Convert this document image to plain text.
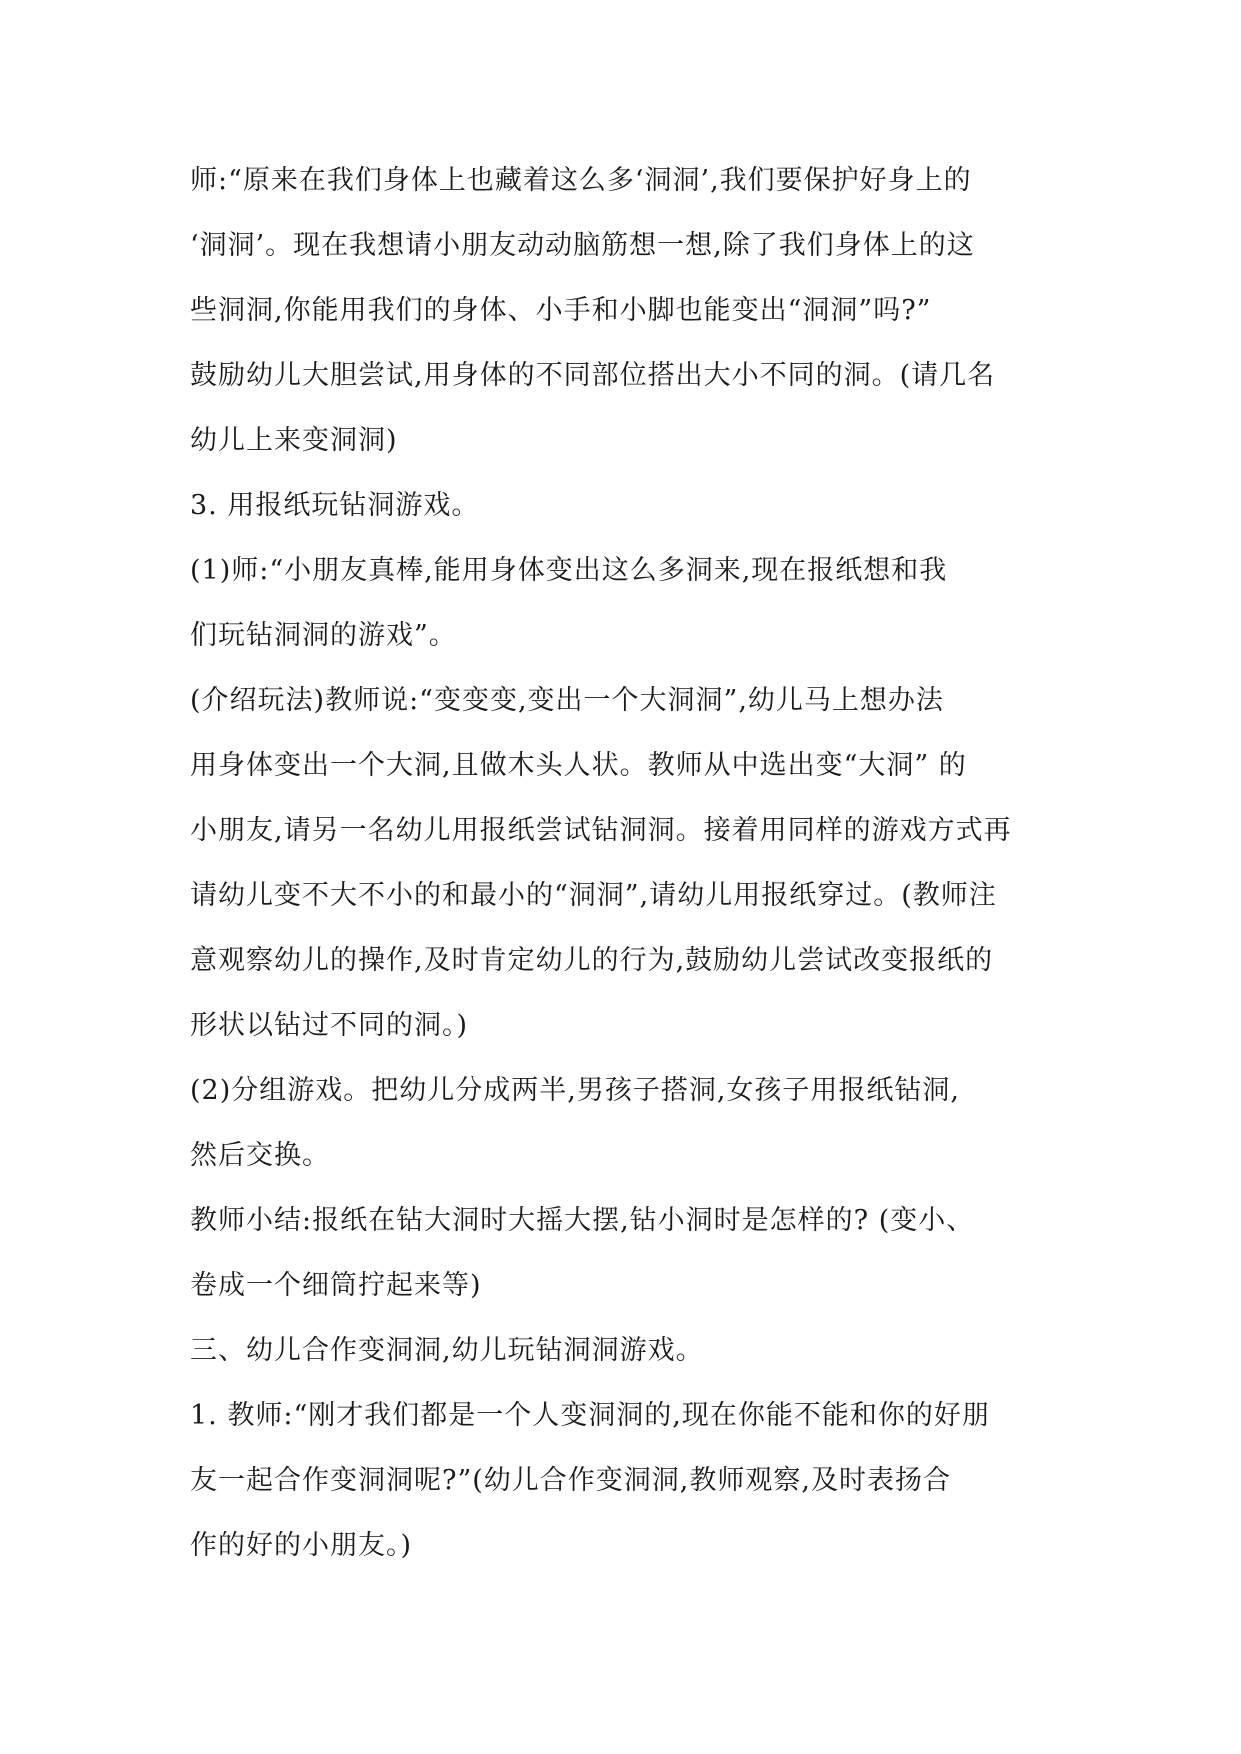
师:“原来在我们身体上也藏着这么多‘洞洞’,我们要保护好身上的
‘洞洞’。现在我想请小朋友动动脑筋想一想,除了我们身体上的这
些洞洞,你能用我们的身体、小手和小脚也能变出“洞洞”吗?”
鼓励幼儿大胆尝试,用身体的不同部位搭出大小不同的洞。(请几名
幼儿上来变洞洞)
3. 用报纸玩钻洞游戏。
(1)师:“小朋友真棒,能用身体变出这么多洞来,现在报纸想和我
们玩钻洞洞的游戏”。
(介绍玩法)教师说:“变变变,变出一个大洞洞”,幼儿马上想办法
用身体变出一个大洞,且做木头人状。教师从中选出变“大洞” 的
小朋友,请另一名幼儿用报纸尝试钻洞洞。接着用同样的游戏方式再
请幼儿变不大不小的和最小的“洞洞”,请幼儿用报纸穿过。(教师注
意观察幼儿的操作,及时肯定幼儿的行为,鼓励幼儿尝试改变报纸的
形状以钻过不同的洞。)
(2)分组游戏。把幼儿分成两半,男孩子搭洞,女孩子用报纸钻洞,
然后交换。
教师小结:报纸在钻大洞时大摇大摆,钻小洞时是怎样的? (变小、
卷成一个细筒拧起来等)
三、幼儿合作变洞洞,幼儿玩钻洞洞游戏。
1. 教师:“刚才我们都是一个人变洞洞的,现在你能不能和你的好朋
友一起合作变洞洞呢?”(幼儿合作变洞洞,教师观察,及时表扬合
作的好的小朋友。)
